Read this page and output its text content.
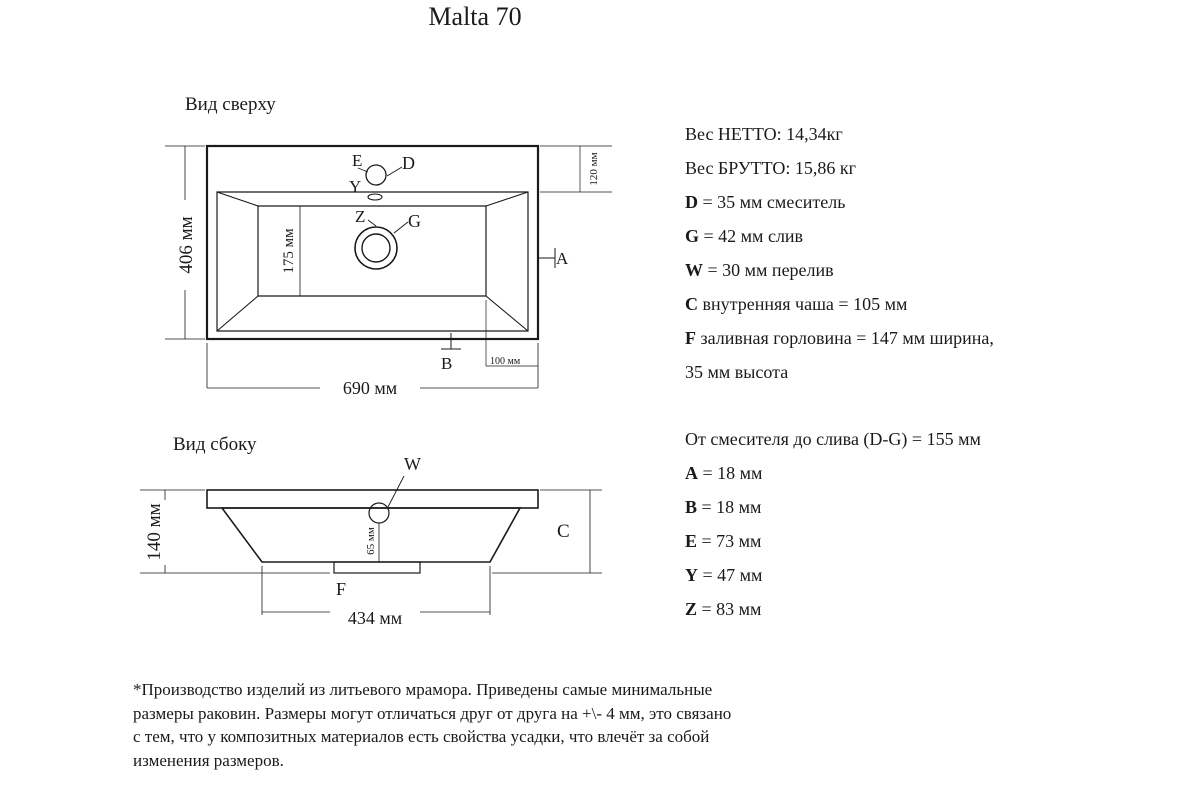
Malta 70
Вид сверху
Вид сбоку
E D
Y
Z G
A
B	100 мм
690 мм
406 мм	175 мм
120 мм
W
C
F
65 мм
140 мм
434 мм
Вес НЕТТО: 14,34кг
Вес БРУТТО: 15,86 кг
D = 35 мм смеситель
G = 42 мм слив
W = 30 мм перелив
C внутренняя чаша = 105 мм
F заливная горловина = 147 мм ширина,
35 мм высота
От смесителя до слива (D-G) = 155 мм
A = 18 мм
B = 18 мм
E = 73 мм
Y = 47 мм
Z = 83 мм
*Производство изделий из литьевого мрамора. Приведены самые минимальные размеры раковин. Размеры могут отличаться друг от друга на +\- 4 мм, это связано с тем, что у композитных материалов есть свойства усадки, что влечёт за собой изменения размеров.
